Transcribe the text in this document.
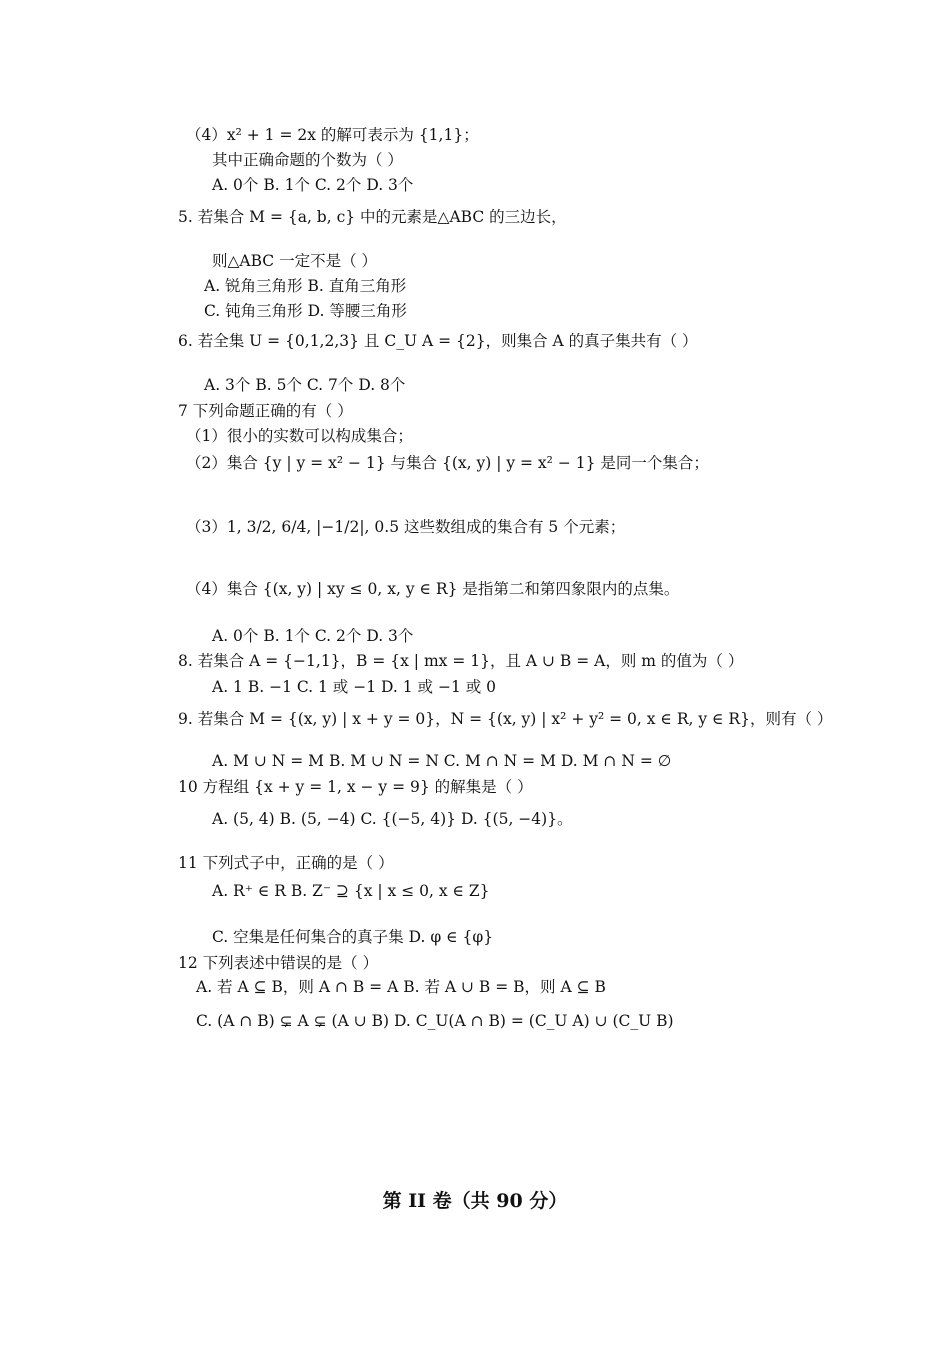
（4）x² + 1 = 2x 的解可表示为 {1,1}；
其中正确命题的个数为（ ）
A. 0个 B. 1个 C. 2个 D. 3个
5. 若集合 M = {a, b, c} 中的元素是△ABC 的三边长，
则△ABC 一定不是（ ）
A. 锐角三角形 B. 直角三角形
C. 钝角三角形 D. 等腰三角形
6. 若全集 U = {0,1,2,3} 且 C_U A = {2}，则集合 A 的真子集共有（ ）
A. 3个 B. 5个 C. 7个 D. 8个
7 下列命题正确的有（ ）
（1）很小的实数可以构成集合；
（2）集合 {y | y = x² − 1} 与集合 {(x, y) | y = x² − 1} 是同一个集合；
（3）1, 3/2, 6/4, |−1/2|, 0.5 这些数组成的集合有 5 个元素；
（4）集合 {(x, y) | xy ≤ 0, x, y ∈ R} 是指第二和第四象限内的点集。
A. 0个 B. 1个 C. 2个 D. 3个
8. 若集合 A = {−1,1}，B = {x | mx = 1}，且 A ∪ B = A，则 m 的值为（ ）
A. 1 B. −1 C. 1 或 −1 D. 1 或 −1 或 0
9. 若集合 M = {(x, y) | x + y = 0}，N = {(x, y) | x² + y² = 0, x ∈ R, y ∈ R}，则有（ ）
A. M ∪ N = M B. M ∪ N = N C. M ∩ N = M D. M ∩ N = ∅
10 方程组 {x + y = 1, x − y = 9} 的解集是（ ）
A. (5, 4) B. (5, −4) C. {(−5, 4)} D. {(5, −4)}。
11 下列式子中，正确的是（ ）
A. R⁺ ∈ R B. Z⁻ ⊇ {x | x ≤ 0, x ∈ Z}
C. 空集是任何集合的真子集 D. φ ∈ {φ}
12 下列表述中错误的是（ ）
A. 若 A ⊆ B，则 A ∩ B = A B. 若 A ∪ B = B，则 A ⊆ B
C. (A ∩ B) ⊊ A ⊊ (A ∪ B) D. C_U(A ∩ B) = (C_U A) ∪ (C_U B)
第 II 卷（共 90 分）
